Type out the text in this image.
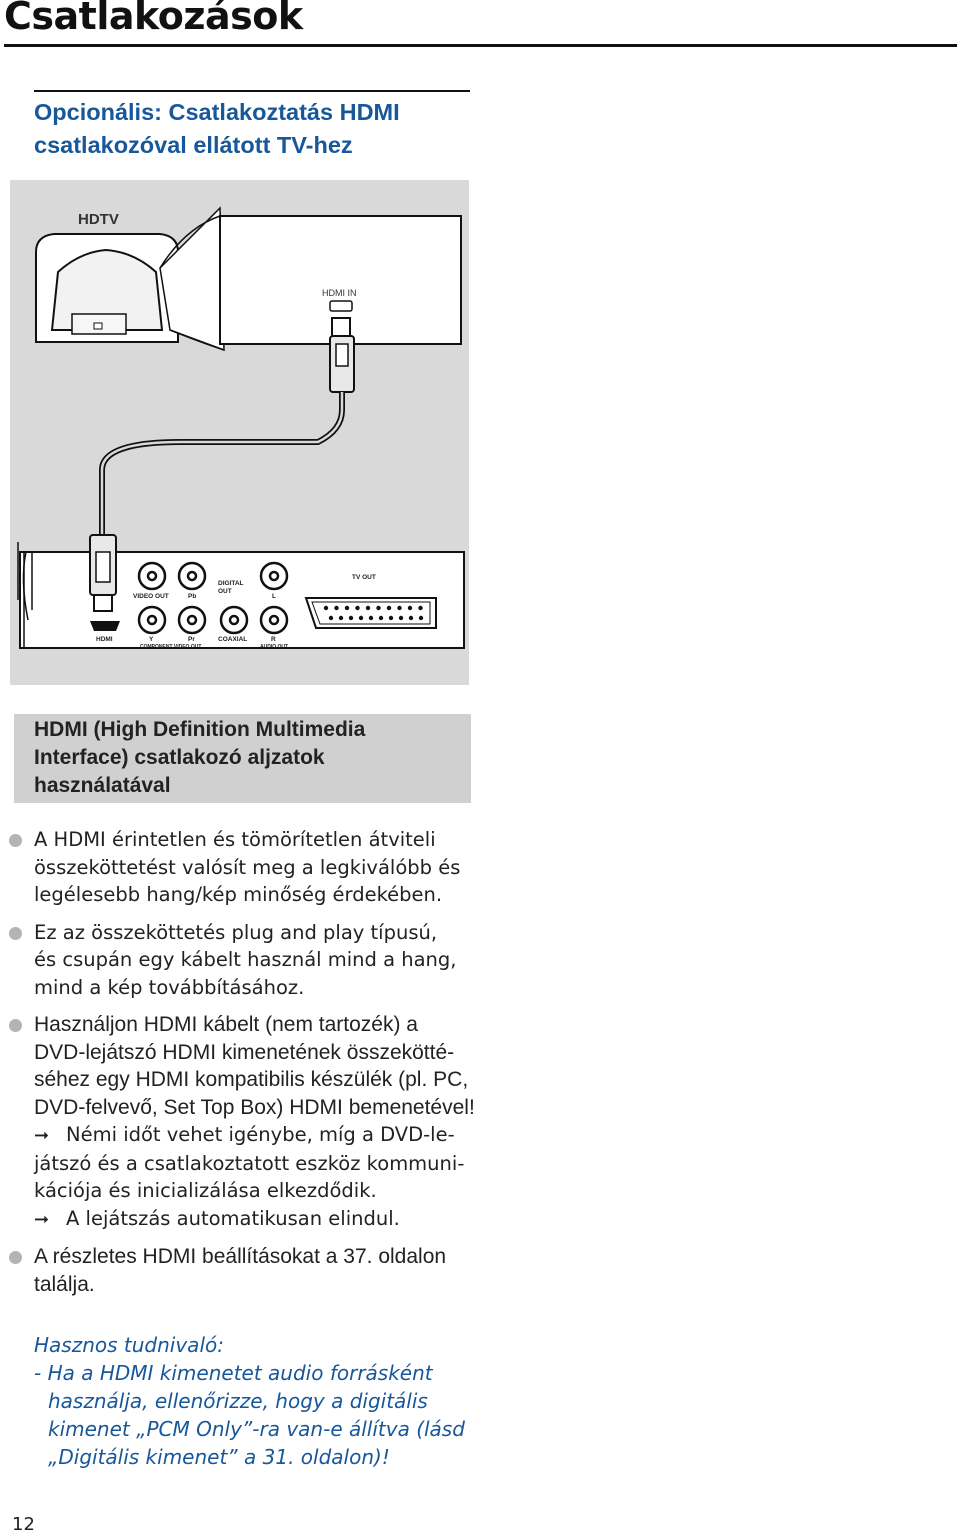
Csatlakozások
Opcionális: Csatlakoztatás HDMI
csatlakozóval ellátott TV-hez
HDTV
HDMI IN
VIDEO OUT	Pb
DIGITAL
OUT
L
TV OUT
HDMI	Y	Pr	COAXIAL	R
COMPONENT VIDEO OUT	AUDIO OUT
HDMI (High Definition Multimedia
Interface) csatlakozó aljzatok
használatával
A HDMI érintetlen és tömörítetlen átviteli
összeköttetést valósít meg a legkiválóbb és
legélesebb hang/kép minőség érdekében.
Ez az összeköttetés plug and play típusú,
és csupán egy kábelt használ mind a hang,
mind a kép továbbításához.
Használjon HDMI kábelt (nem tartozék) a
DVD-lejátszó HDMI kimenetének összekötté-
séhez egy HDMI kompatibilis készülék (pl. PC,
DVD-felvevő, Set Top Box) HDMI bemenetével!
➞ Némi időt vehet igénybe, míg a DVD-le-
játszó és a csatlakoztatott eszköz kommuni-
kációja és inicializálása elkezdődik.
➞ A lejátszás automatikusan elindul.
A részletes HDMI beállításokat a 37. oldalon
találja.
Hasznos tudnivaló:
- Ha a HDMI kimenetet audio forrásként
használja, ellenőrizze, hogy a digitális
kimenet „PCM Only”-ra van-e állítva (lásd
„Digitális kimenet” a 31. oldalon)!
12
